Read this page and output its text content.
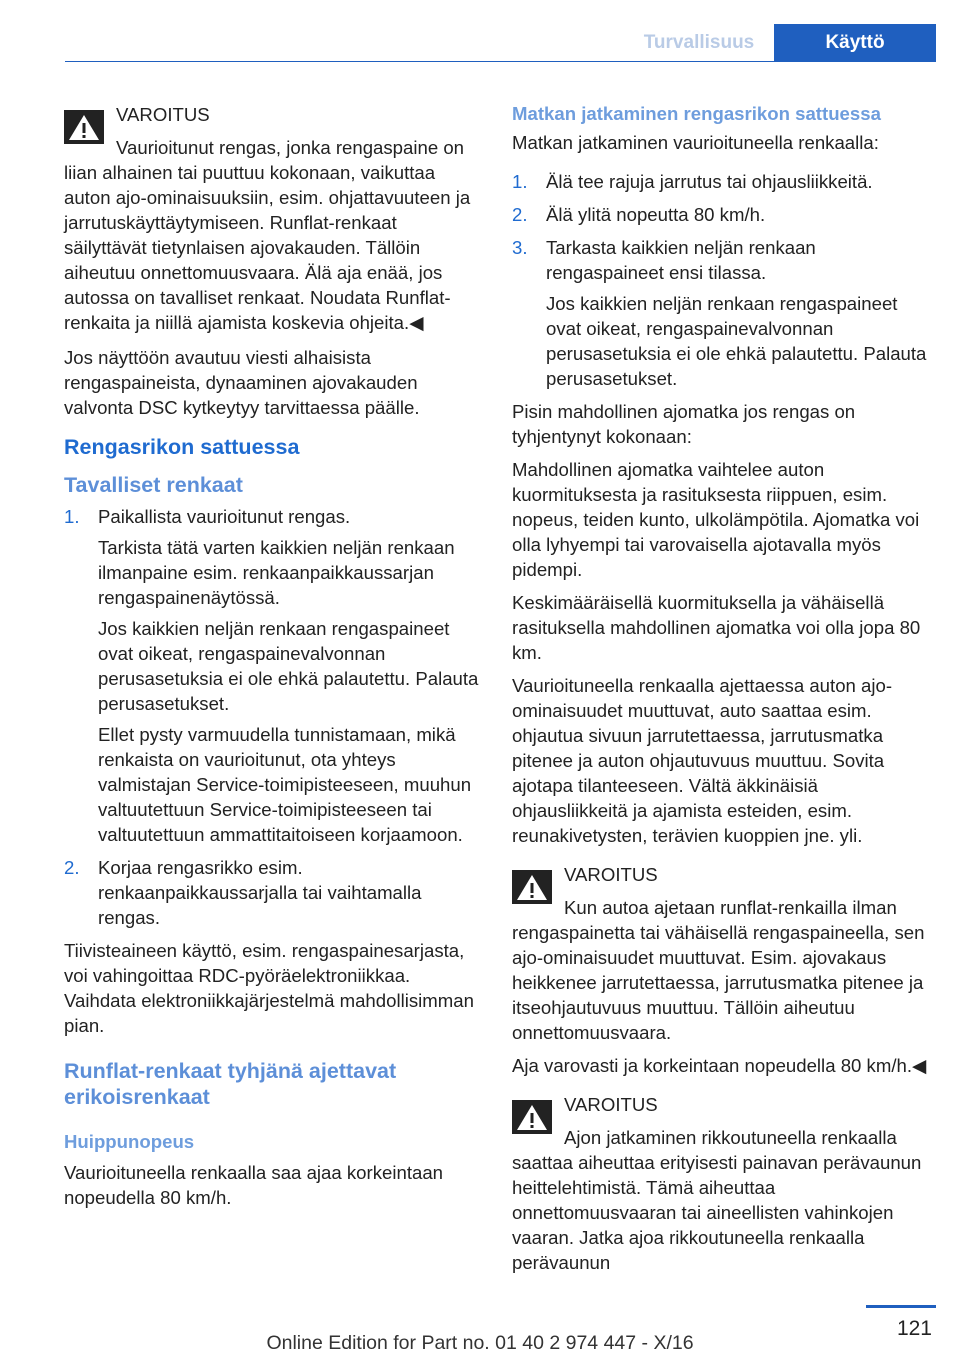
Turvallisuus	Käyttö

VAROITUS

Vaurioitunut rengas, jonka rengaspaine on liian alhainen tai puuttuu kokonaan, vaikuttaa auton ajo-ominaisuuksiin, esim. ohjattavuuteen ja jarrutuskäyttäytymiseen. Runflat-renkaat säilyttävät tietynlaisen ajovakauden. Tällöin aiheutuu onnettomuusvaara. Älä aja enää, jos autossa on tavalliset renkaat. Noudata Runflat-renkaita ja niillä ajamista koskevia ohjeita.◀

Jos näyttöön avautuu viesti alhaisista rengaspaineista, dynaaminen ajovakauden valvonta DSC kytkeytyy tarvittaessa päälle.

Rengasrikon sattuessa
Tavalliset renkaat
1. Paikallista vaurioitunut rengas.

Tarkista tätä varten kaikkien neljän renkaan ilmanpaine esim. renkaanpaikkaussarjan rengaspainenäytössä.

Jos kaikkien neljän renkaan rengaspaineet ovat oikeat, rengaspainevalvonnan perusasetuksia ei ole ehkä palautettu. Palauta perusasetukset.

Ellet pysty varmuudella tunnistamaan, mikä renkaista on vaurioitunut, ota yhteys valmistajan Service-toimipisteeseen, muuhun valtuutettuun Service-toimipisteeseen tai valtuutettuun ammattitaitoiseen korjaamoon.

2. Korjaa rengasrikko esim. renkaanpaikkaussarjalla tai vaihtamalla rengas.

Tiivisteaineen käyttö, esim. rengaspainesarjasta, voi vahingoittaa RDC-pyöräelektroniikkaa. Vaihdata elektroniikkajärjestelmä mahdollisimman pian.

Runflat-renkaat tyhjänä ajettavat erikoisrenkaat
Huippunopeus

Vaurioituneella renkaalla saa ajaa korkeintaan nopeudella 80 km/h.

Matkan jatkaminen rengasrikon sattuessa

Matkan jatkaminen vaurioituneella renkaalla:

1. Älä tee rajuja jarrutus tai ohjausliikkeitä.

2. Älä ylitä nopeutta 80 km/h.

3. Tarkasta kaikkien neljän renkaan rengaspaineet ensi tilassa.

Jos kaikkien neljän renkaan rengaspaineet ovat oikeat, rengaspainevalvonnan perusasetuksia ei ole ehkä palautettu. Palauta perusasetukset.

Pisin mahdollinen ajomatka jos rengas on tyhjentynyt kokonaan:

Mahdollinen ajomatka vaihtelee auton kuormituksesta ja rasituksesta riippuen, esim. nopeus, teiden kunto, ulkolämpötila. Ajomatka voi olla lyhyempi tai varovaisella ajotavalla myös pidempi.

Keskimääräisellä kuormituksella ja vähäisellä rasituksella mahdollinen ajomatka voi olla jopa 80 km.

Vaurioituneella renkaalla ajettaessa auton ajo-ominaisuudet muuttuvat, auto saattaa esim. ohjautua sivuun jarrutettaessa, jarrutusmatka pitenee ja auton ohjautuvuus muuttuu. Sovita ajotapa tilanteeseen. Vältä äkkinäisiä ohjausliikkeitä ja ajamista esteiden, esim. reunakivetysten, terävien kuoppien jne. yli.

VAROITUS

Kun autoa ajetaan runflat-renkailla ilman rengaspainetta tai vähäisellä rengaspaineella, sen ajo-ominaisuudet muuttuvat. Esim. ajovakaus heikkenee jarrutettaessa, jarrutusmatka pitenee ja itseohjautuvuus muuttuu. Tällöin aiheutuu onnettomuusvaara.

Aja varovasti ja korkeintaan nopeudella 80 km/h.◀

VAROITUS

Ajon jatkaminen rikkoutuneella renkaalla saattaa aiheuttaa erityisesti painavan perävaunun heittelehtimistä. Tämä aiheuttaa onnettomuusvaaran tai aineellisten vahinkojen vaaran. Jatka ajoa rikkoutuneella renkaalla perävaunun

121
Online Edition for Part no. 01 40 2 974 447 - X/16
